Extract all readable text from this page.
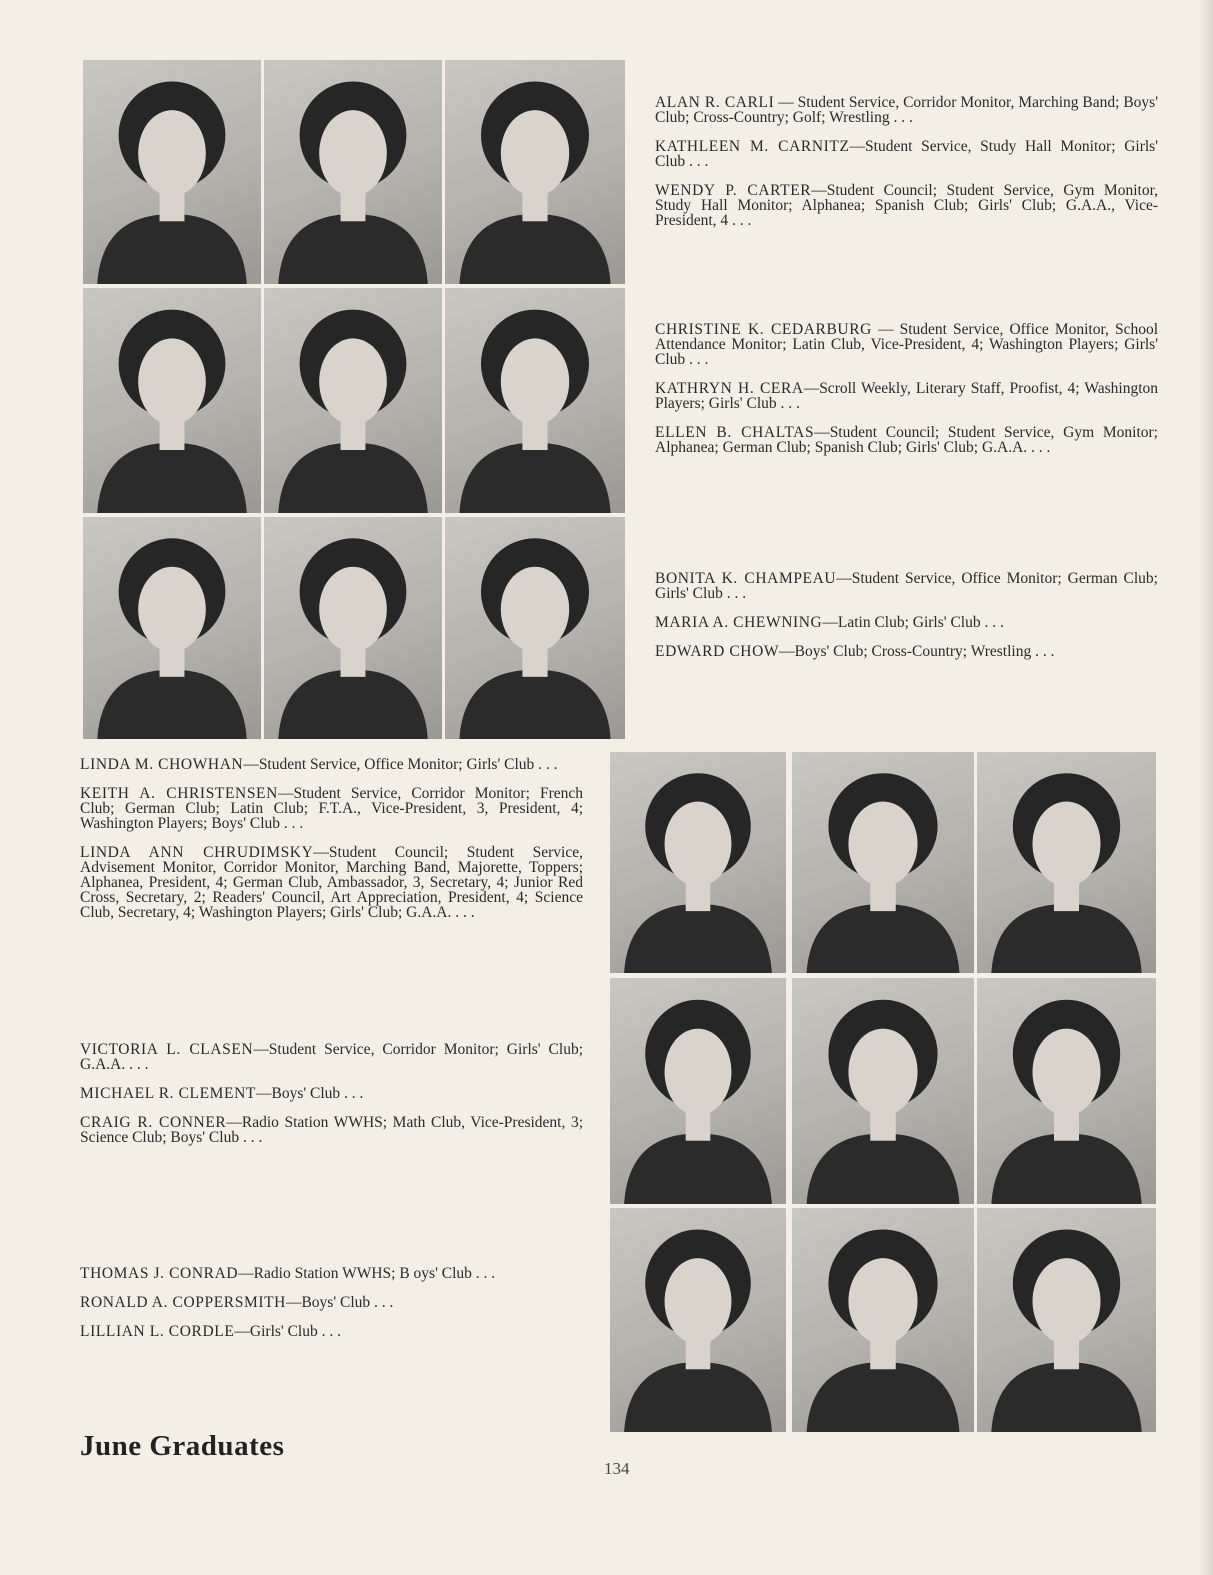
ALAN R. CARLI — Student Service, Corridor Monitor, Marching Band; Boys' Club; Cross-Country; Golf; Wrestling . . .

KATHLEEN M. CARNITZ—Student Service, Study Hall Monitor; Girls' Club . . .

WENDY P. CARTER—Student Council; Student Service, Gym Monitor, Study Hall Monitor; Alphanea; Spanish Club; Girls' Club; G.A.A., Vice-President, 4 . . .

CHRISTINE K. CEDARBURG — Student Service, Office Monitor, School Attendance Monitor; Latin Club, Vice-President, 4; Washington Players; Girls' Club . . .

KATHRYN H. CERA—Scroll Weekly, Literary Staff, Proofist, 4; Washington Players; Girls' Club . . .

ELLEN B. CHALTAS—Student Council; Student Service, Gym Monitor; Alphanea; German Club; Spanish Club; Girls' Club; G.A.A. . . .

BONITA K. CHAMPEAU—Student Service, Office Monitor; German Club; Girls' Club . . .

MARIA A. CHEWNING—Latin Club; Girls' Club . . .

EDWARD CHOW—Boys' Club; Cross-Country; Wrestling . . .

LINDA M. CHOWHAN—Student Service, Office Monitor; Girls' Club . . .

KEITH A. CHRISTENSEN—Student Service, Corridor Monitor; French Club; German Club; Latin Club; F.T.A., Vice-President, 3, President, 4; Washington Players; Boys' Club . . .

LINDA ANN CHRUDIMSKY—Student Council; Student Service, Advisement Monitor, Corridor Monitor, Marching Band, Majorette, Toppers; Alphanea, President, 4; German Club, Ambassador, 3, Secretary, 4; Junior Red Cross, Secretary, 2; Readers' Council, Art Appreciation, President, 4; Science Club, Secretary, 4; Washington Players; Girls' Club; G.A.A. . . .

VICTORIA L. CLASEN—Student Service, Corridor Monitor; Girls' Club; G.A.A. . . .

MICHAEL R. CLEMENT—Boys' Club . . .

CRAIG R. CONNER—Radio Station WWHS; Math Club, Vice-President, 3; Science Club; Boys' Club . . .

THOMAS J. CONRAD—Radio Station WWHS; B oys' Club . . .

RONALD A. COPPERSMITH—Boys' Club . . .

LILLIAN L. CORDLE—Girls' Club . . .

June Graduates
134
